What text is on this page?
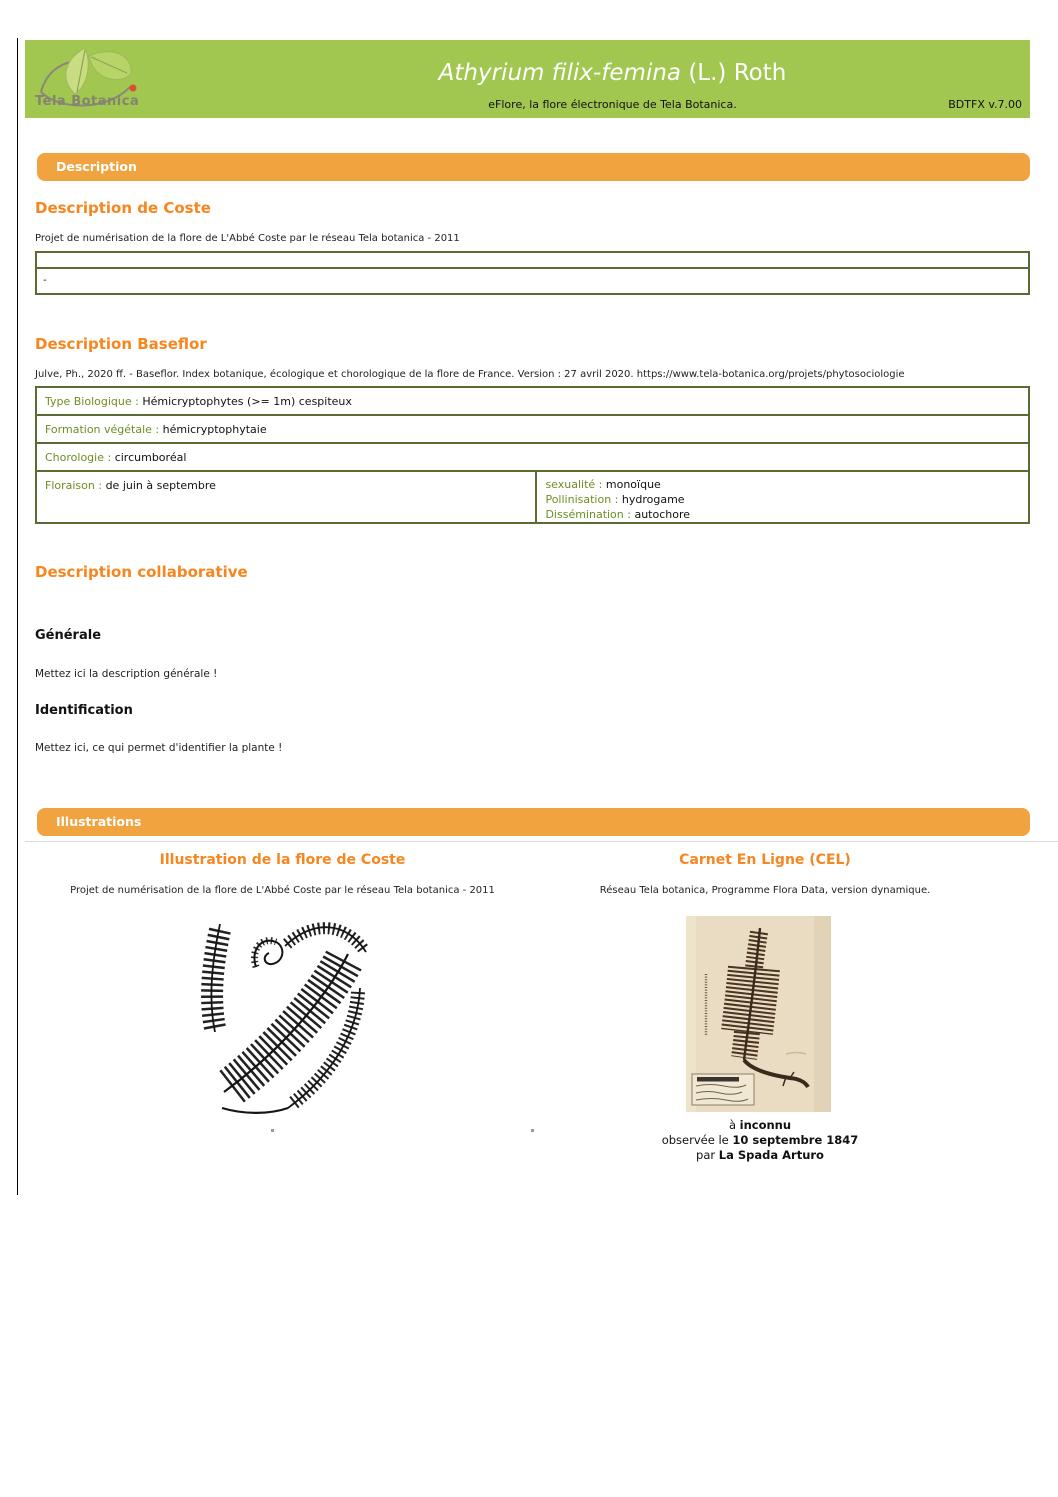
Tela Botanica
Athyrium filix-femina (L.) Roth
eFlore, la flore électronique de Tela Botanica.	BDTFX v.7.00
Description
Description de Coste
Projet de numérisation de la flore de L'Abbé Coste par le réseau Tela botanica - 2011
-
Description Baseflor
Julve, Ph., 2020 ff. - Baseflor. Index botanique, écologique et chorologique de la flore de France. Version : 27 avril 2020. https://www.tela-botanica.org/projets/phytosociologie
Type Biologique : Hémicryptophytes (>= 1m) cespiteux
Formation végétale : hémicryptophytaie
Chorologie : circumboréal
Floraison : de juin à septembre	sexualité : monoïque
Pollinisation : hydrogame
Dissémination : autochore
Description collaborative
Générale
Mettez ici la description générale !
Identification
Mettez ici, ce qui permet d'identifier la plante !
Illustrations
Illustration de la flore de Coste
Projet de numérisation de la flore de L'Abbé Coste par le réseau Tela botanica - 2011
Carnet En Ligne (CEL)
Réseau Tela botanica, Programme Flora Data, version dynamique.
à inconnu
observée le 10 septembre 1847
par La Spada Arturo
